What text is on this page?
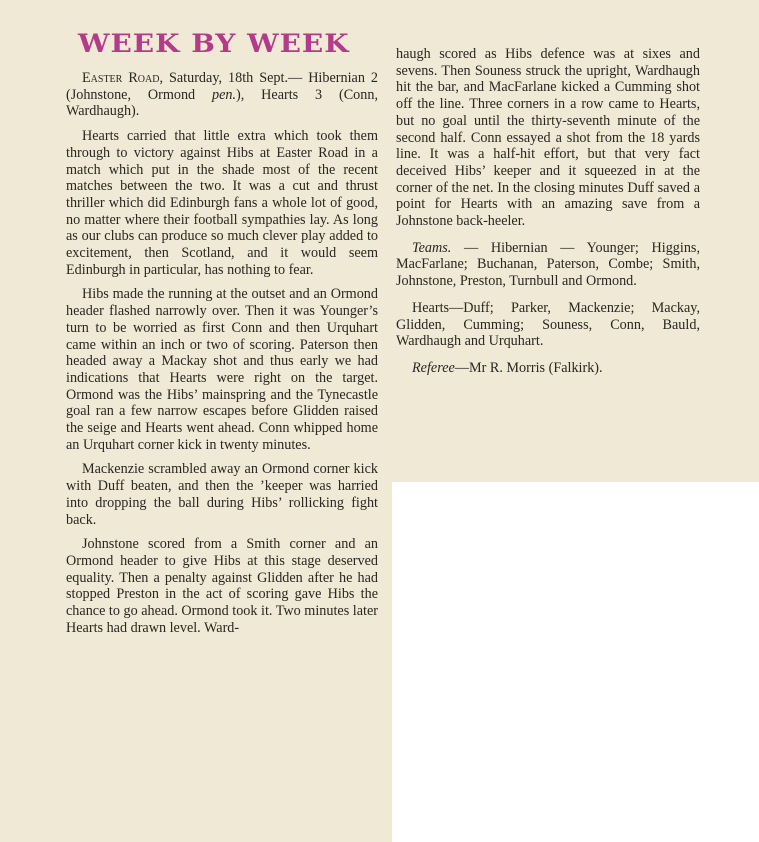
WEEK BY WEEK

Easter Road, Saturday, 18th Sept.— Hibernian 2 (Johnstone, Ormond pen.), Hearts 3 (Conn, Wardhaugh).

Hearts carried that little extra which took them through to victory against Hibs at Easter Road in a match which put in the shade most of the recent matches between the two. It was a cut and thrust thriller which did Edinburgh fans a whole lot of good, no matter where their football sympathies lay. As long as our clubs can produce so much clever play added to excitement, then Scotland, and it would seem Edinburgh in particular, has nothing to fear.

Hibs made the running at the outset and an Ormond header flashed narrowly over. Then it was Younger’s turn to be worried as first Conn and then Urquhart came within an inch or two of scoring. Paterson then headed away a Mackay shot and thus early we had indications that Hearts were right on the target. Ormond was the Hibs’ mainspring and the Tynecastle goal ran a few narrow escapes before Glidden raised the seige and Hearts went ahead. Conn whipped home an Urquhart corner kick in twenty minutes.

Mackenzie scrambled away an Ormond corner kick with Duff beaten, and then the ’keeper was harried into dropping the ball during Hibs’ rollicking fight back.

Johnstone scored from a Smith corner and an Ormond header to give Hibs at this stage deserved equality. Then a penalty against Glidden after he had stopped Preston in the act of scoring gave Hibs the chance to go ahead. Ormond took it. Two minutes later Hearts had drawn level. Ward-

haugh scored as Hibs defence was at sixes and sevens. Then Souness struck the upright, Wardhaugh hit the bar, and MacFarlane kicked a Cumming shot off the line. Three corners in a row came to Hearts, but no goal until the thirty-seventh minute of the second half. Conn essayed a shot from the 18 yards line. It was a half-hit effort, but that very fact deceived Hibs’ keeper and it squeezed in at the corner of the net. In the closing minutes Duff saved a point for Hearts with an amazing save from a Johnstone back-heeler.

Teams. — Hibernian — Younger; Higgins, MacFarlane; Buchanan, Paterson, Combe; Smith, Johnstone, Preston, Turnbull and Ormond.

Hearts—Duff; Parker, Mackenzie; Mackay, Glidden, Cumming; Souness, Conn, Bauld, Wardhaugh and Urquhart.

Referee—Mr R. Morris (Falkirk).
